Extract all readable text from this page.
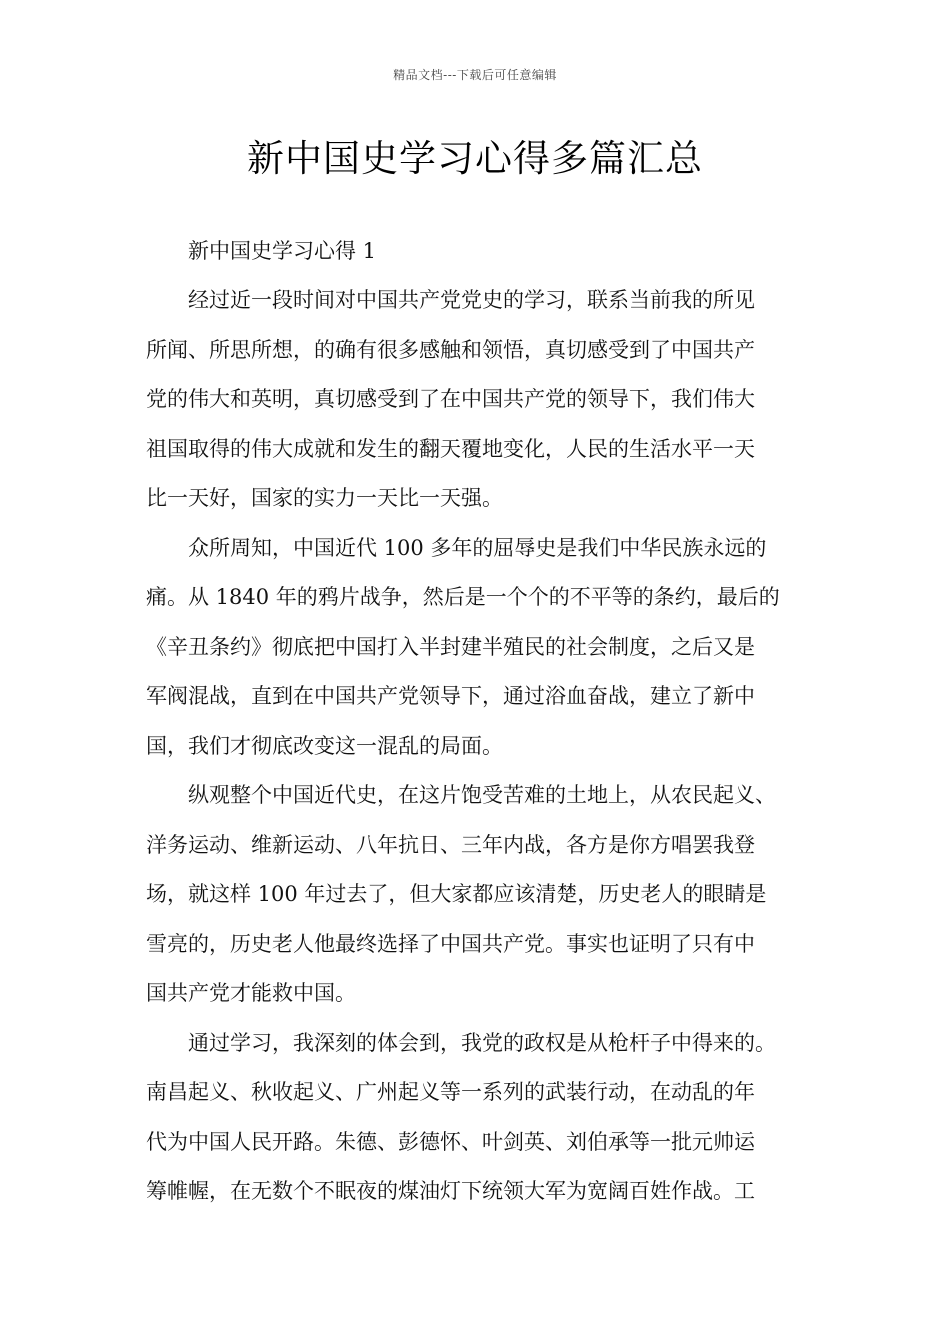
精品文档---下载后可任意编辑
新中国史学习心得多篇汇总

新中国史学习心得 1

经过近一段时间对中国共产党党史的学习，联系当前我的所见
所闻、所思所想，的确有很多感触和领悟，真切感受到了中国共产
党的伟大和英明，真切感受到了在中国共产党的领导下，我们伟大
祖国取得的伟大成就和发生的翻天覆地变化，人民的生活水平一天
比一天好，国家的实力一天比一天强。
众所周知，中国近代 100 多年的屈辱史是我们中华民族永远的
痛。从 1840 年的鸦片战争，然后是一个个的不平等的条约，最后的
《辛丑条约》彻底把中国打入半封建半殖民的社会制度，之后又是
军阀混战，直到在中国共产党领导下，通过浴血奋战，建立了新中
国，我们才彻底改变这一混乱的局面。
纵观整个中国近代史，在这片饱受苦难的土地上，从农民起义、
洋务运动、维新运动、八年抗日、三年内战，各方是你方唱罢我登
场，就这样 100 年过去了，但大家都应该清楚，历史老人的眼睛是
雪亮的，历史老人他最终选择了中国共产党。事实也证明了只有中
国共产党才能救中国。
通过学习，我深刻的体会到，我党的政权是从枪杆子中得来的。
南昌起义、秋收起义、广州起义等一系列的武装行动，在动乱的年
代为中国人民开路。朱德、彭德怀、叶剑英、刘伯承等一批元帅运
筹帷幄，在无数个不眠夜的煤油灯下统领大军为宽阔百姓作战。工
